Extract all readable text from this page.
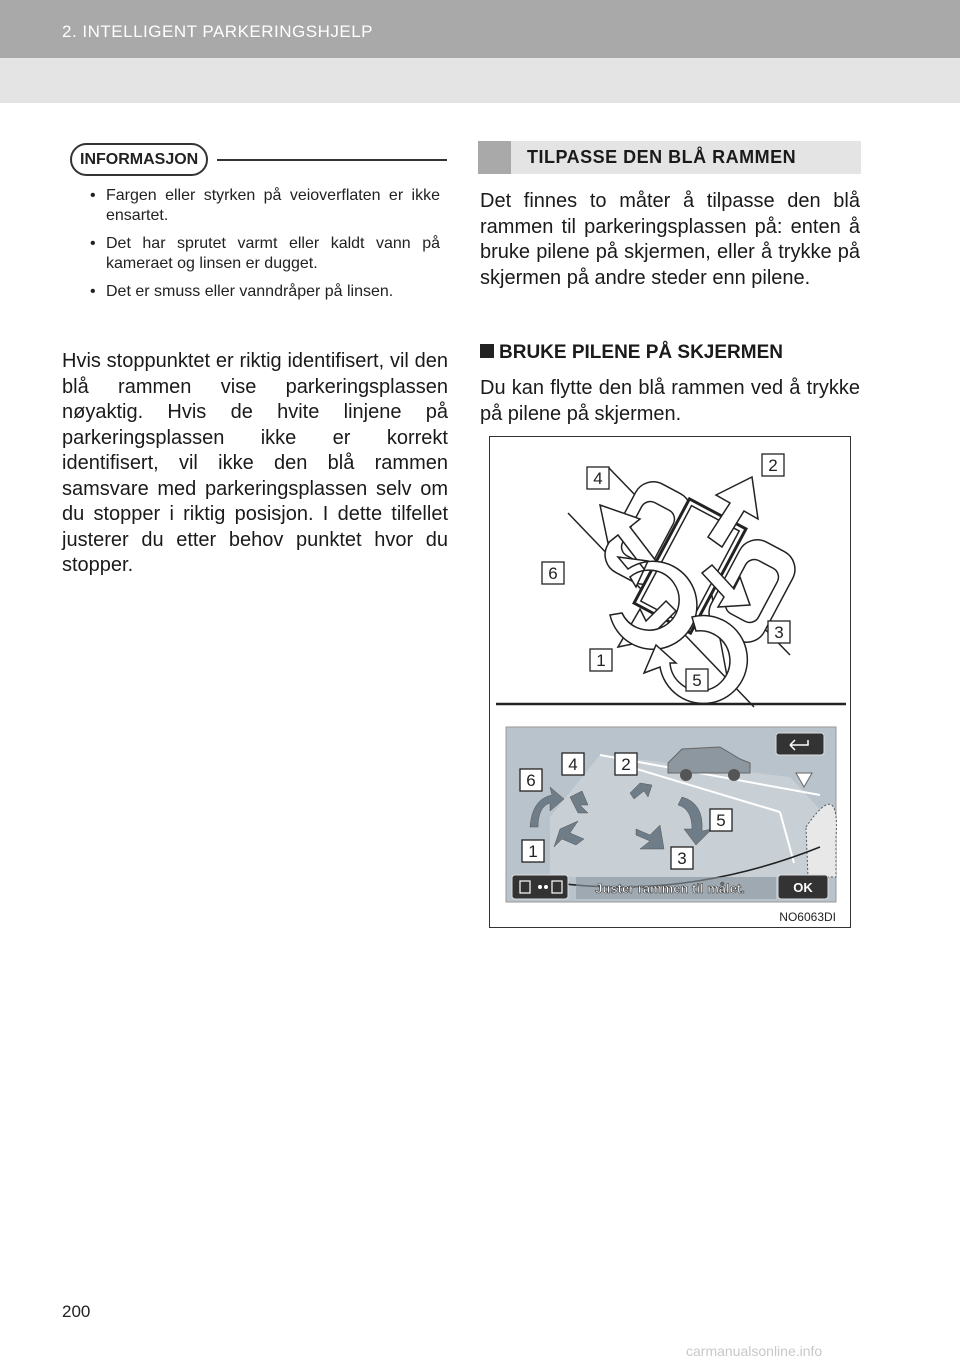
2. INTELLIGENT PARKERINGSHJELP
INFORMASJON
• Fargen eller styrken på veioverflaten er ikke ensartet.
• Det har sprutet varmt eller kaldt vann på kameraet og linsen er dugget.
• Det er smuss eller vanndråper på linsen.

Hvis stoppunktet er riktig identifisert, vil den blå rammen vise parkeringsplassen nøyaktig. Hvis de hvite linjene på parkeringsplassen ikke er korrekt identifisert, vil ikke den blå rammen samsvare med parkeringsplassen selv om du stopper i riktig posisjon. I dette tilfellet justerer du etter behov punktet hvor du stopper.

TILPASSE DEN BLÅ RAMMEN

Det finnes to måter å tilpasse den blå rammen til parkeringsplassen på: enten å bruke pilene på skjermen, eller å trykke på skjermen på andre steder enn pilene.

BRUKE PILENE PÅ SKJERMEN

Du kan flytte den blå rammen ved å trykke på pilene på skjermen.

4
2
6
3
1
5
Juster rammen til målet.	OK
6
4	2
5
1	3
NO6063DI
200
carmanualsonline.info
